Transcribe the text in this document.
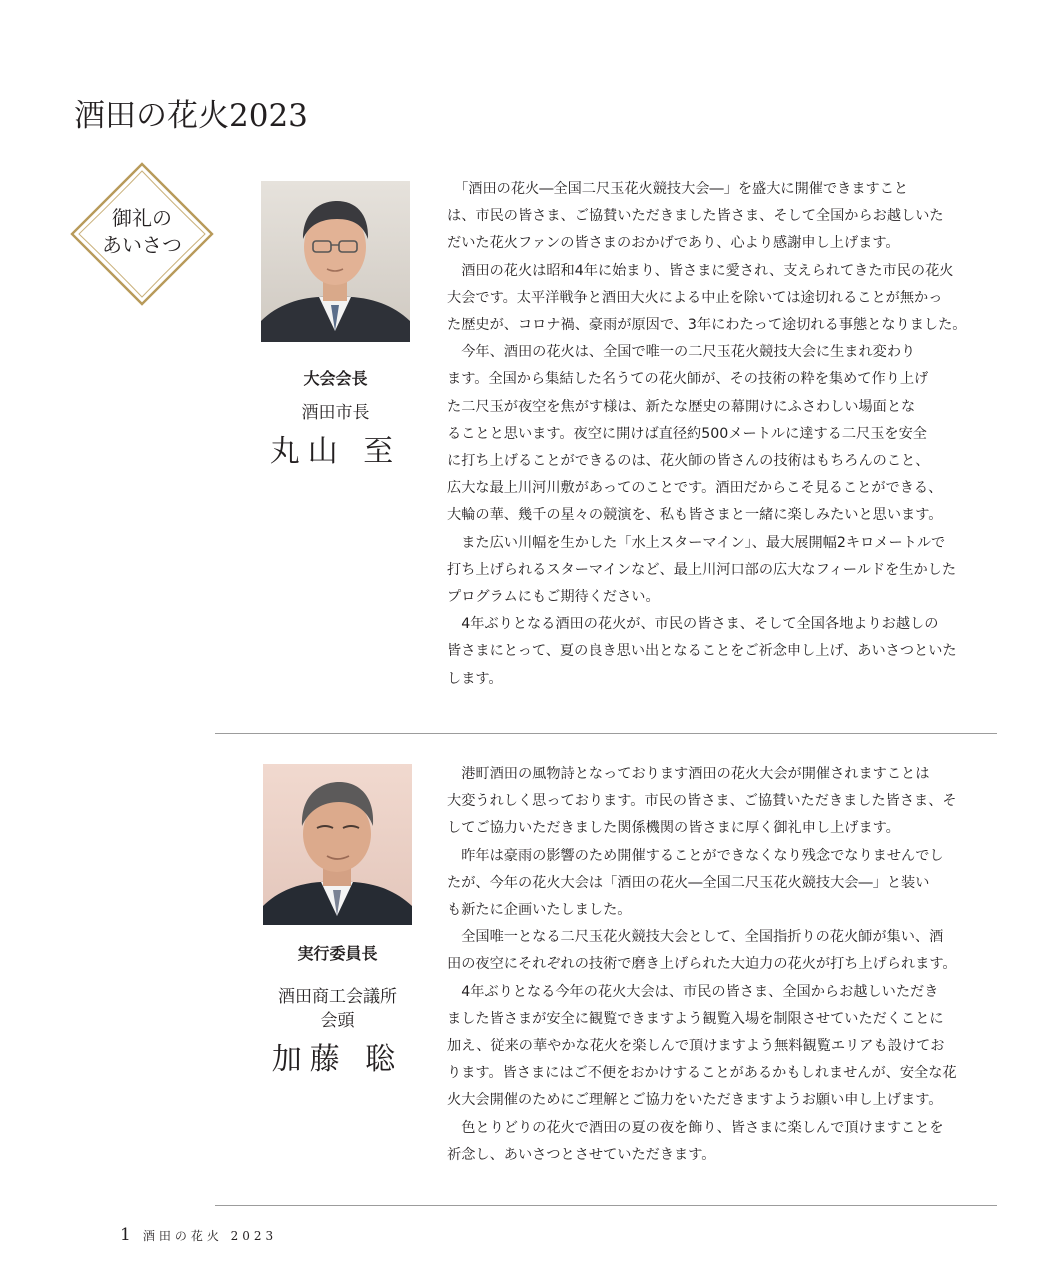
酒田の花火2023
御礼の
あいさつ
大会会長
酒田市長
丸山 至
　「酒田の花火―全国二尺玉花火競技大会―」を盛大に開催できますこと
は、市民の皆さま、ご協賛いただきました皆さま、そして全国からお越しいた
だいた花火ファンの皆さまのおかげであり、心より感謝申し上げます。
　酒田の花火は昭和4年に始まり、皆さまに愛され、支えられてきた市民の花火
大会です。太平洋戦争と酒田大火による中止を除いては途切れることが無かっ
た歴史が、コロナ禍、豪雨が原因で、3年にわたって途切れる事態となりました。
　今年、酒田の花火は、全国で唯一の二尺玉花火競技大会に生まれ変わり
ます。全国から集結した名うての花火師が、その技術の粋を集めて作り上げ
た二尺玉が夜空を焦がす様は、新たな歴史の幕開けにふさわしい場面とな
ることと思います。夜空に開けば直径約500メートルに達する二尺玉を安全
に打ち上げることができるのは、花火師の皆さんの技術はもちろんのこと、
広大な最上川河川敷があってのことです。酒田だからこそ見ることができる、
大輪の華、幾千の星々の競演を、私も皆さまと一緒に楽しみたいと思います。
　また広い川幅を生かした「水上スターマイン」、最大展開幅2キロメートルで
打ち上げられるスターマインなど、最上川河口部の広大なフィールドを生かした
プログラムにもご期待ください。
　4年ぶりとなる酒田の花火が、市民の皆さま、そして全国各地よりお越しの
皆さまにとって、夏の良き思い出となることをご祈念申し上げ、あいさつといた
します。
実行委員長
酒田商工会議所
会頭
加藤 聡
　港町酒田の風物詩となっております酒田の花火大会が開催されますことは
大変うれしく思っております。市民の皆さま、ご協賛いただきました皆さま、そ
してご協力いただきました関係機関の皆さまに厚く御礼申し上げます。
　昨年は豪雨の影響のため開催することができなくなり残念でなりませんでし
たが、今年の花火大会は「酒田の花火―全国二尺玉花火競技大会―」と装い
も新たに企画いたしました。
　全国唯一となる二尺玉花火競技大会として、全国指折りの花火師が集い、酒
田の夜空にそれぞれの技術で磨き上げられた大迫力の花火が打ち上げられます。
　4年ぶりとなる今年の花火大会は、市民の皆さま、全国からお越しいただき
ました皆さまが安全に観覧できますよう観覧入場を制限させていただくことに
加え、従来の華やかな花火を楽しんで頂けますよう無料観覧エリアも設けてお
ります。皆さまにはご不便をおかけすることがあるかもしれませんが、安全な花
火大会開催のためにご理解とご協力をいただきますようお願い申し上げます。
　色とりどりの花火で酒田の夏の夜を飾り、皆さまに楽しんで頂けますことを
祈念し、あいさつとさせていただきます。
1 酒田の花火 2023
